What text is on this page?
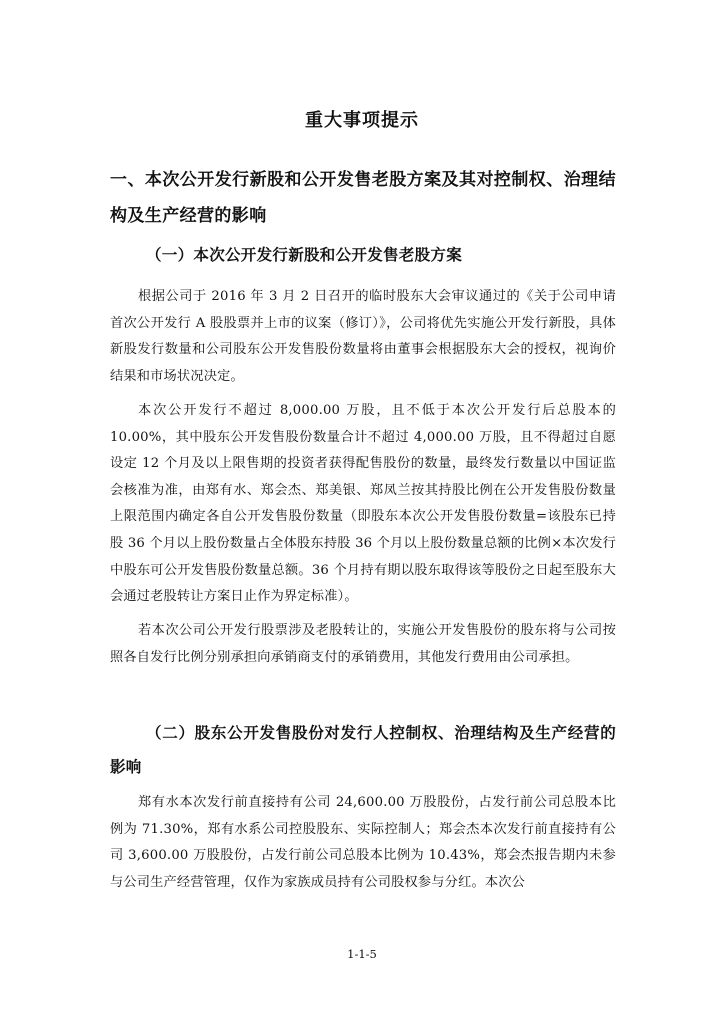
重大事项提示
一、本次公开发行新股和公开发售老股方案及其对控制权、治理结构及生产经营的影响
（一）本次公开发行新股和公开发售老股方案

根据公司于 2016 年 3 月 2 日召开的临时股东大会审议通过的《关于公司申请首次公开发行 A 股股票并上市的议案（修订）》，公司将优先实施公开发行新股，具体新股发行数量和公司股东公开发售股份数量将由董事会根据股东大会的授权，视询价结果和市场状况决定。

本次公开发行不超过 8,000.00 万股，且不低于本次公开发行后总股本的10.00%，其中股东公开发售股份数量合计不超过 4,000.00 万股，且不得超过自愿设定 12 个月及以上限售期的投资者获得配售股份的数量，最终发行数量以中国证监会核准为准，由郑有水、郑会杰、郑美银、郑凤兰按其持股比例在公开发售股份数量上限范围内确定各自公开发售股份数量（即股东本次公开发售股份数量=该股东已持股 36 个月以上股份数量占全体股东持股 36 个月以上股份数量总额的比例×本次发行中股东可公开发售股份数量总额。36 个月持有期以股东取得该等股份之日起至股东大会通过老股转让方案日止作为界定标准）。

若本次公司公开发行股票涉及老股转让的，实施公开发售股份的股东将与公司按照各自发行比例分别承担向承销商支付的承销费用，其他发行费用由公司承担。

（二）股东公开发售股份对发行人控制权、治理结构及生产经营的影响

郑有水本次发行前直接持有公司 24,600.00 万股股份，占发行前公司总股本比例为 71.30%，郑有水系公司控股股东、实际控制人；郑会杰本次发行前直接持有公司 3,600.00 万股股份，占发行前公司总股本比例为 10.43%，郑会杰报告期内未参与公司生产经营管理，仅作为家族成员持有公司股权参与分红。本次公

1-1-5
